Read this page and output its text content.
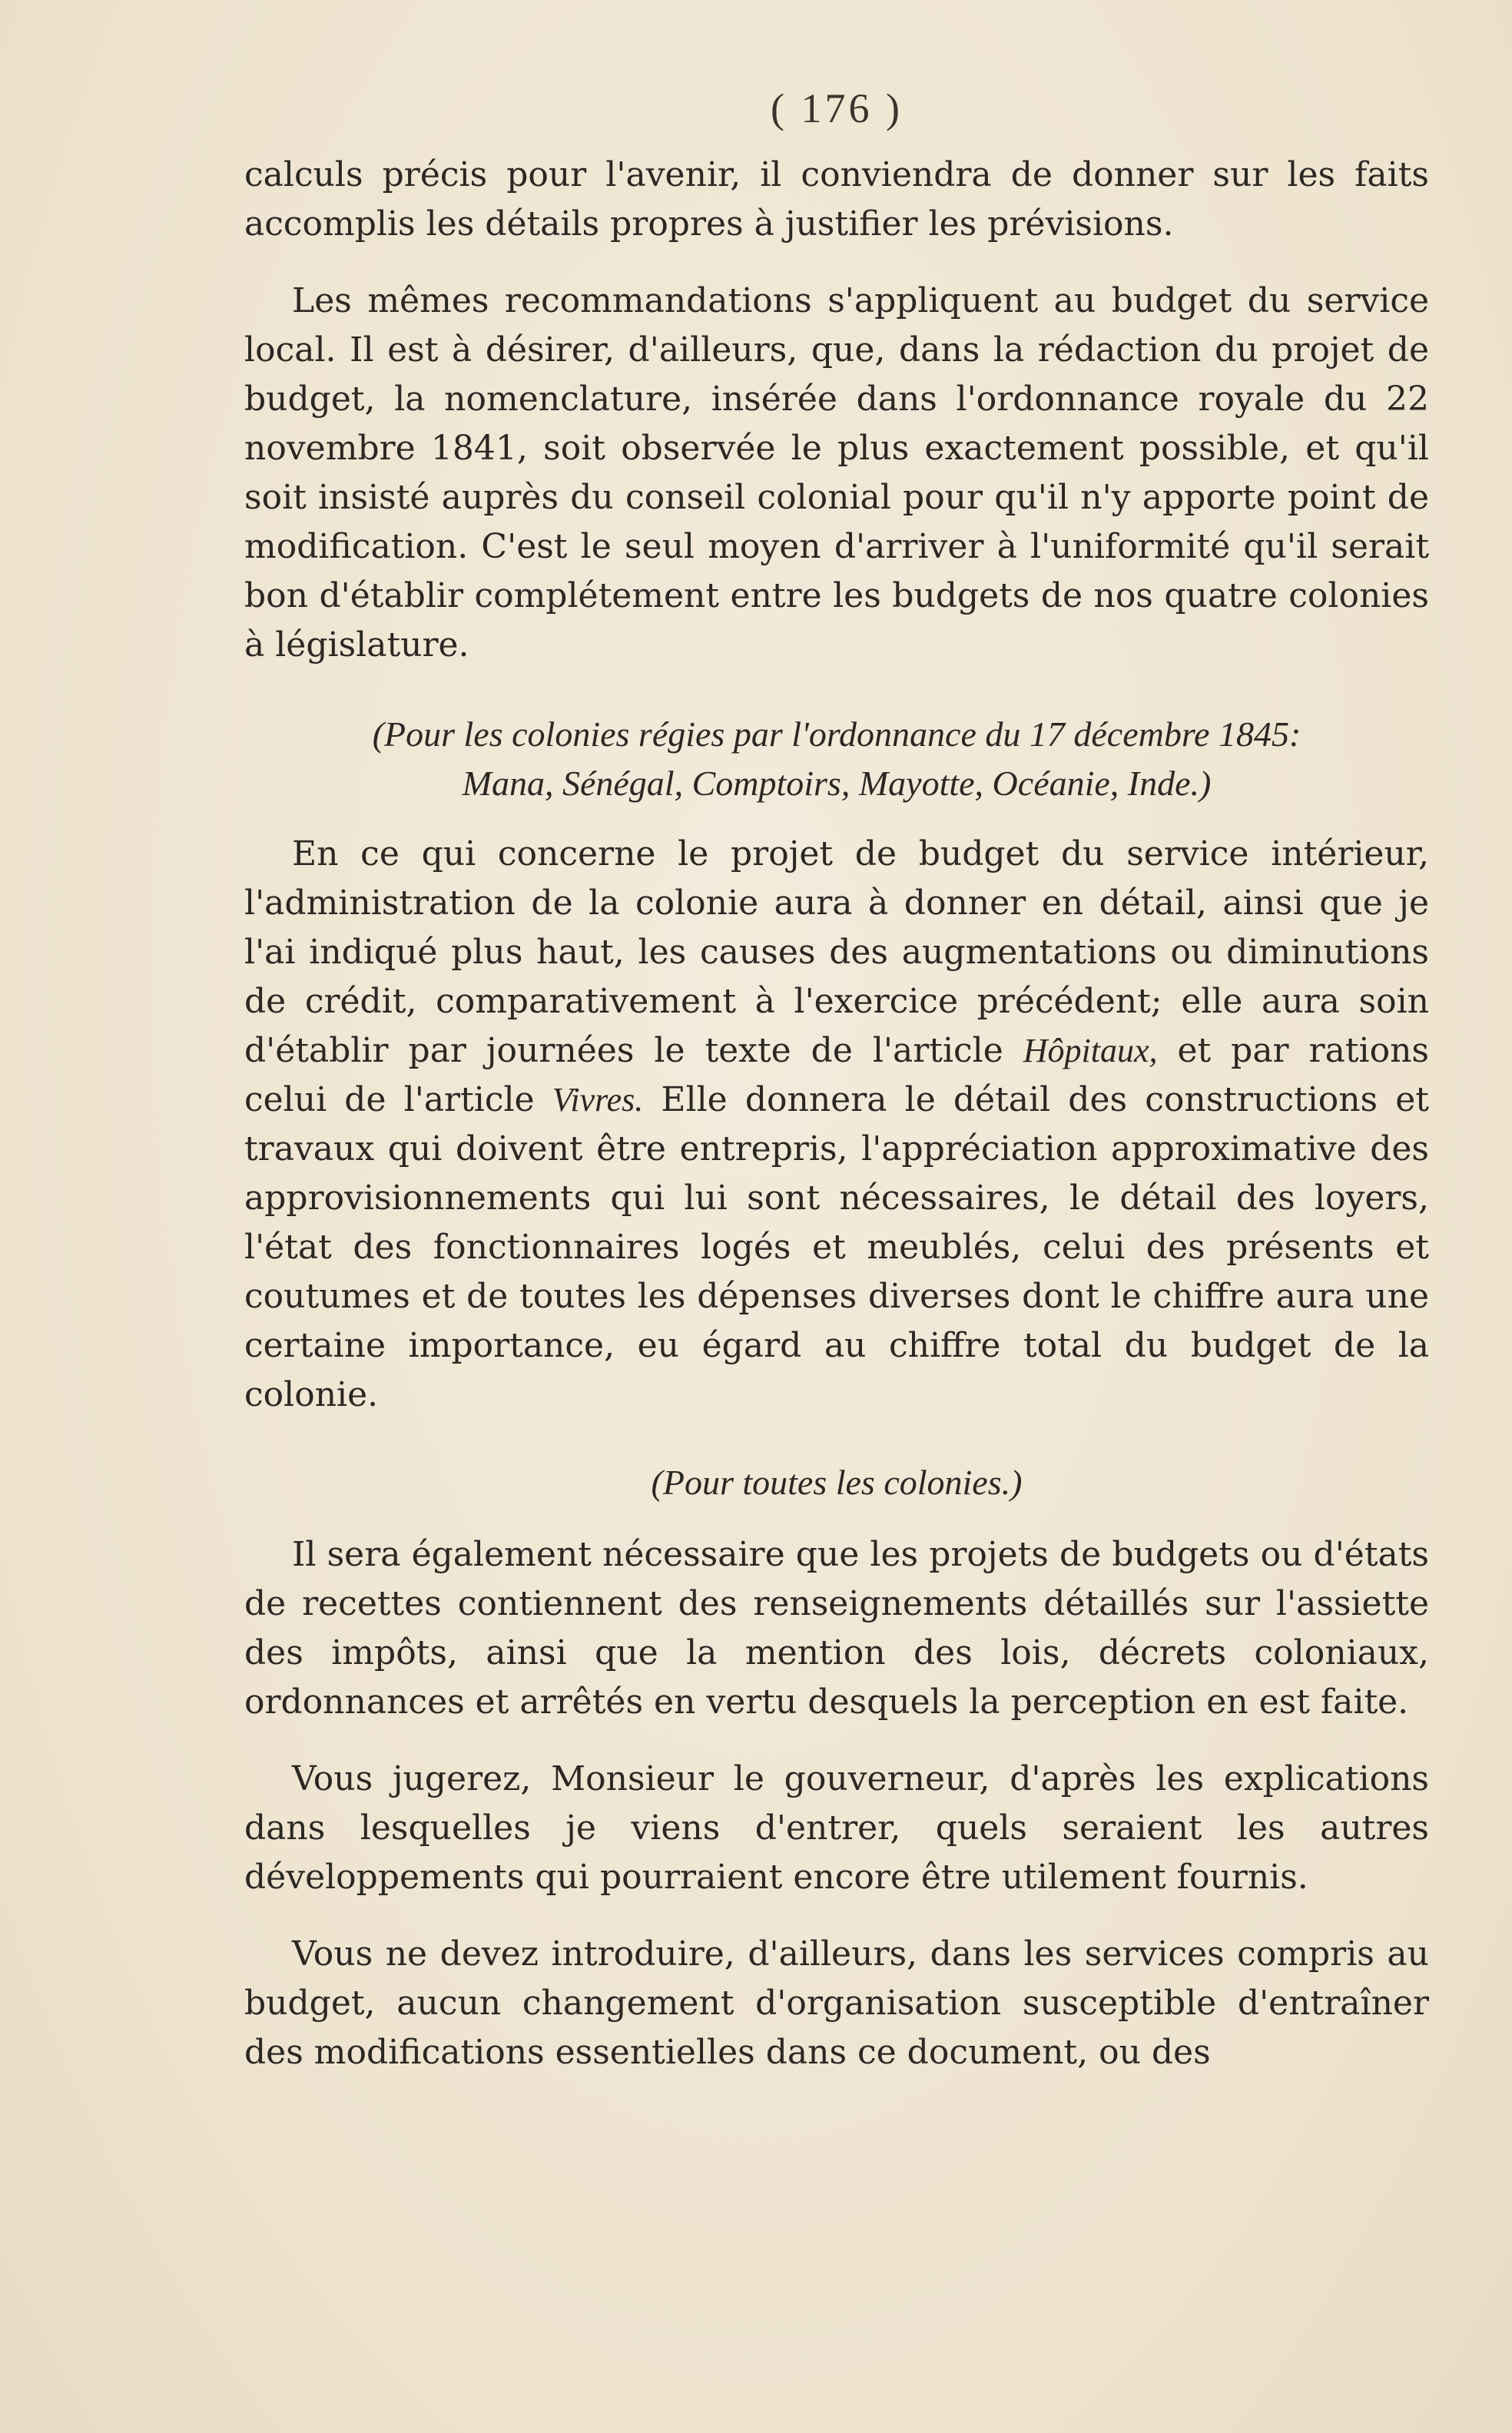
( 176 )

calculs précis pour l'avenir, il conviendra de donner sur les faits accomplis les détails propres à justifier les prévisions.

Les mêmes recommandations s'appliquent au budget du service local. Il est à désirer, d'ailleurs, que, dans la rédaction du projet de budget, la nomenclature, insérée dans l'ordonnance royale du 22 novembre 1841, soit observée le plus exactement possible, et qu'il soit insisté auprès du conseil colonial pour qu'il n'y apporte point de modification. C'est le seul moyen d'arriver à l'uniformité qu'il serait bon d'établir complétement entre les budgets de nos quatre colonies à législature.

(Pour les colonies régies par l'ordonnance du 17 décembre 1845:

Mana, Sénégal, Comptoirs, Mayotte, Océanie, Inde.)

En ce qui concerne le projet de budget du service intérieur, l'administration de la colonie aura à donner en détail, ainsi que je l'ai indiqué plus haut, les causes des augmentations ou diminutions de crédit, comparativement à l'exercice précédent; elle aura soin d'établir par journées le texte de l'article Hôpitaux, et par rations celui de l'article Vivres. Elle donnera le détail des constructions et travaux qui doivent être entrepris, l'appréciation approximative des approvisionnements qui lui sont nécessaires, le détail des loyers, l'état des fonctionnaires logés et meublés, celui des présents et coutumes et de toutes les dépenses diverses dont le chiffre aura une certaine importance, eu égard au chiffre total du budget de la colonie.

(Pour toutes les colonies.)

Il sera également nécessaire que les projets de budgets ou d'états de recettes contiennent des renseignements détaillés sur l'assiette des impôts, ainsi que la mention des lois, décrets coloniaux, ordonnances et arrêtés en vertu desquels la perception en est faite.

Vous jugerez, Monsieur le gouverneur, d'après les explications dans lesquelles je viens d'entrer, quels seraient les autres développements qui pourraient encore être utilement fournis.

Vous ne devez introduire, d'ailleurs, dans les services compris au budget, aucun changement d'organisation susceptible d'entraîner des modifications essentielles dans ce document, ou des
